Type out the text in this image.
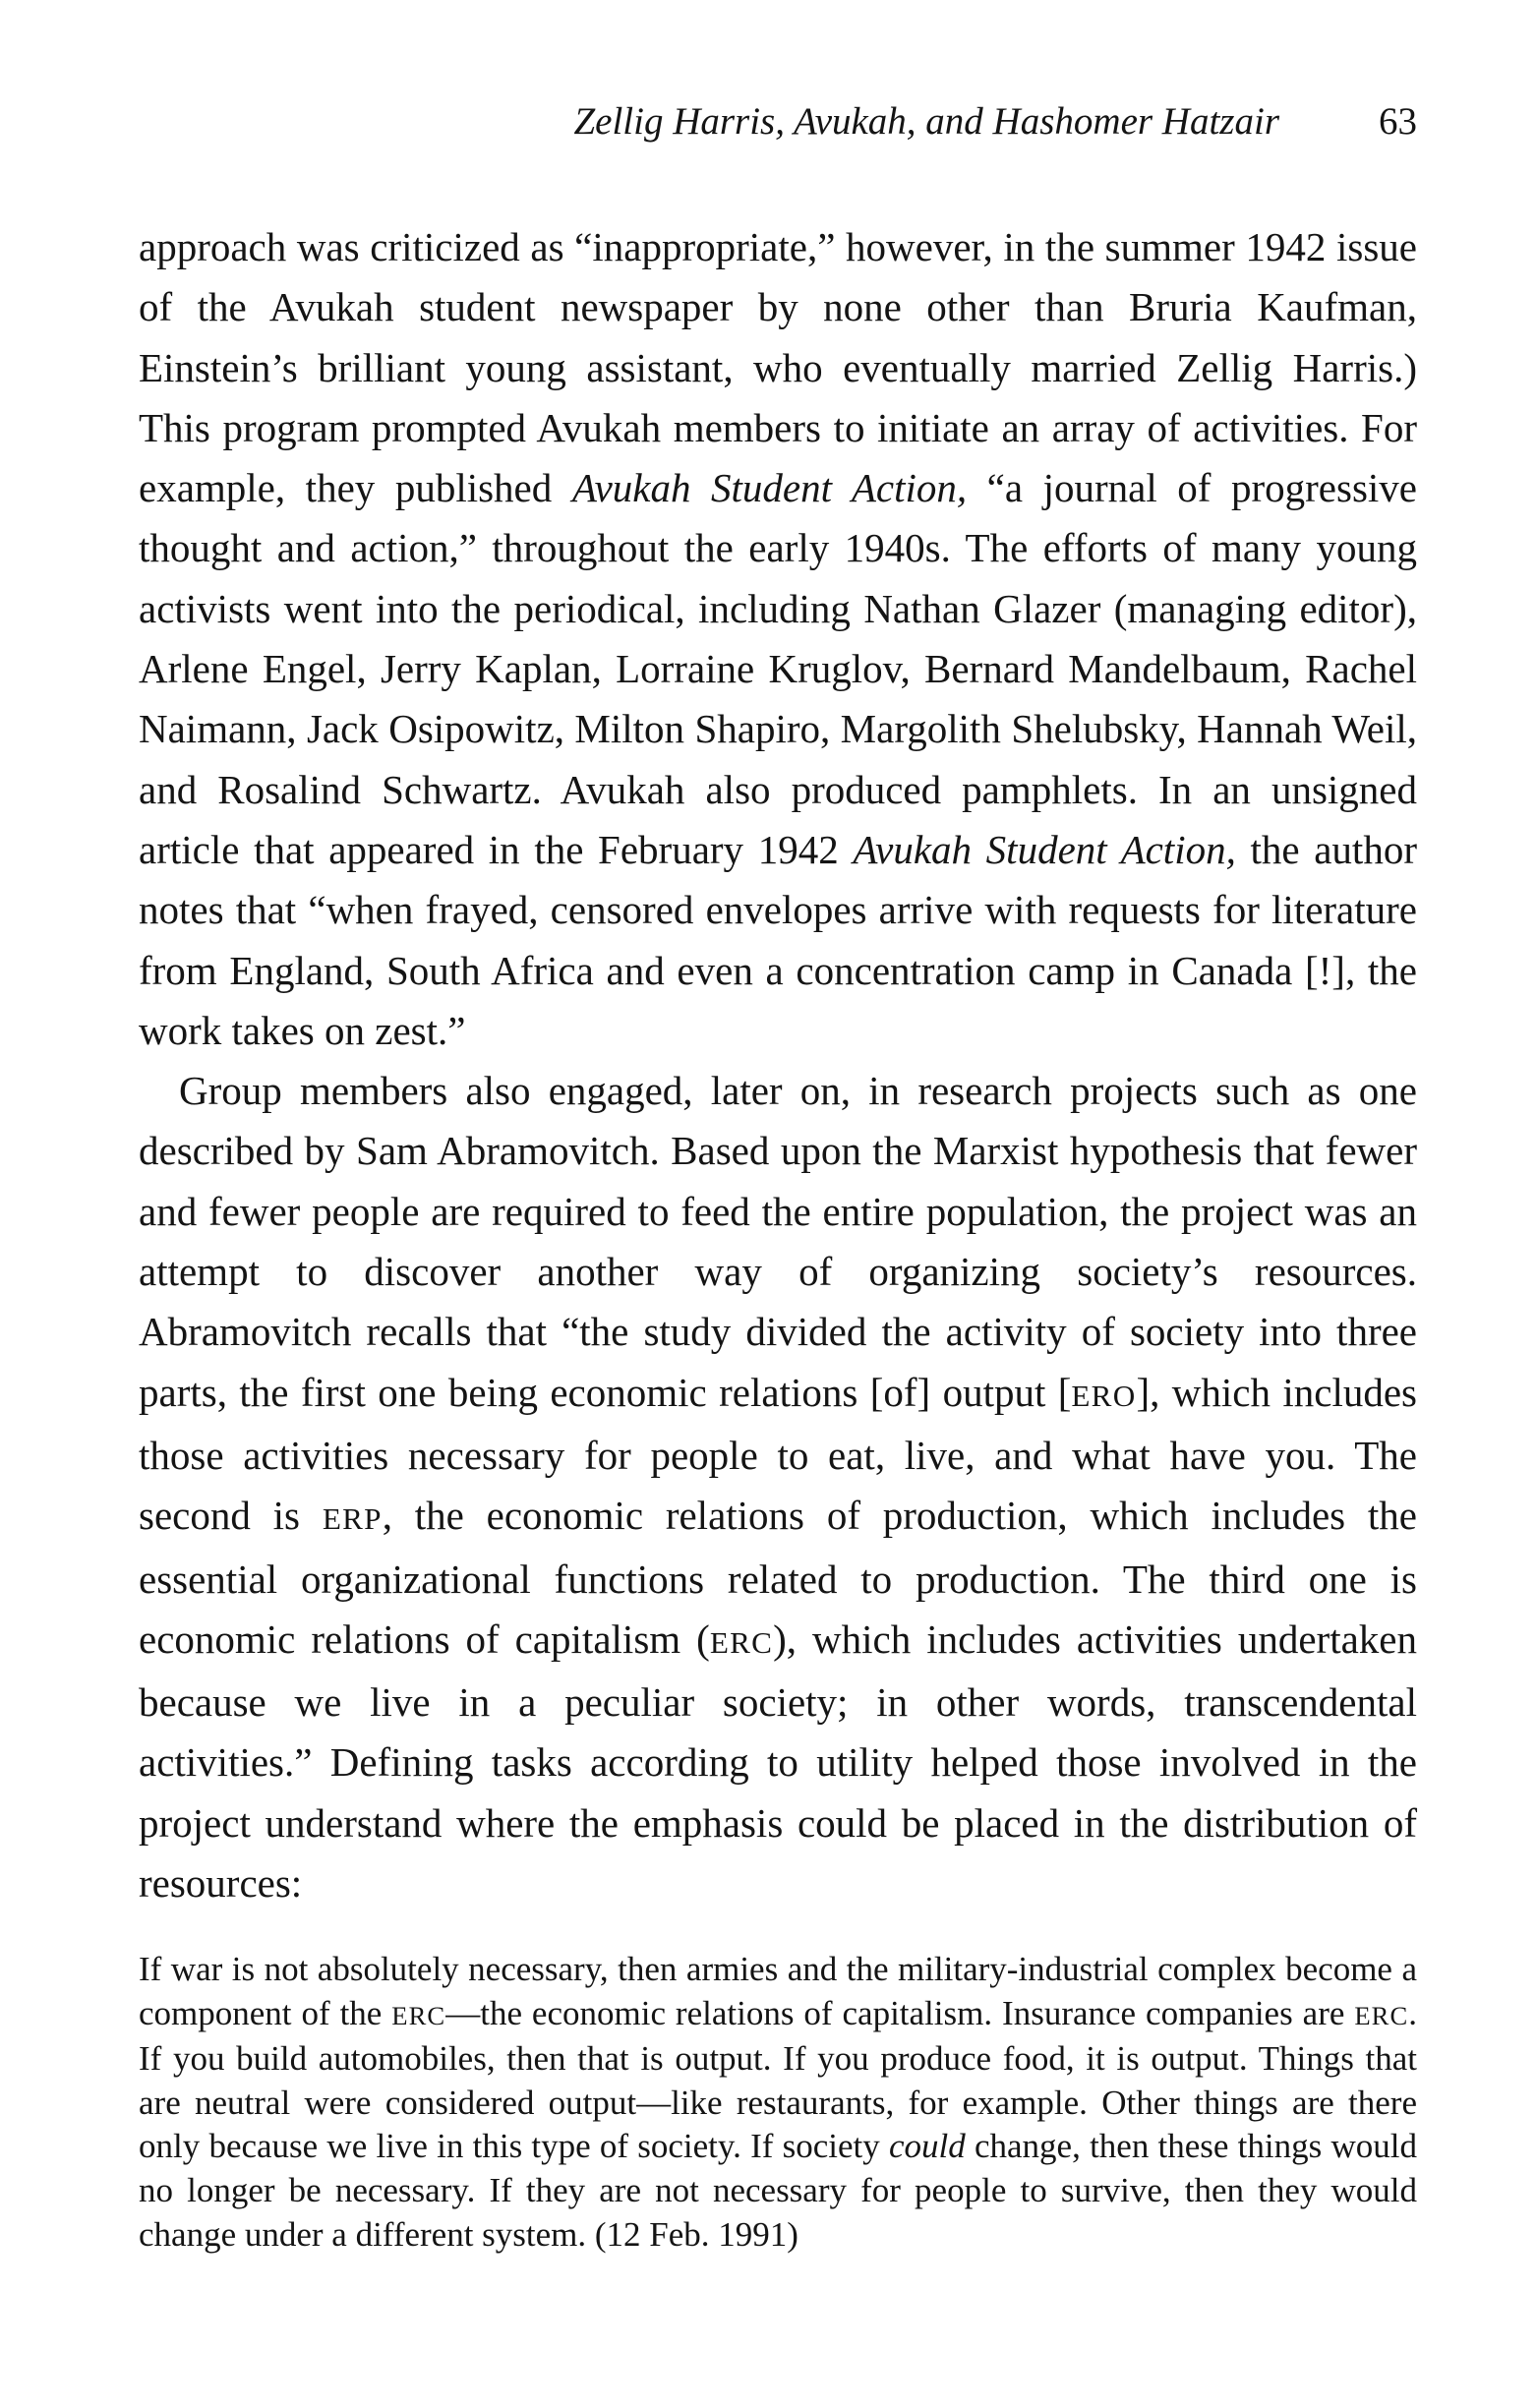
Zellig Harris, Avukah, and Hashomer Hatzair	63

approach was criticized as “inappropriate,” however, in the summer 1942 issue of the Avukah student newspaper by none other than Bruria Kaufman, Einstein’s brilliant young assistant, who eventually married Zellig Harris.) This program prompted Avukah members to initiate an array of activities. For example, they published Avukah Student Action, “a journal of progressive thought and action,” throughout the early 1940s. The efforts of many young activists went into the periodical, including Nathan Glazer (managing editor), Arlene Engel, Jerry Kaplan, Lorraine Kruglov, Bernard Mandelbaum, Rachel Naimann, Jack Osipowitz, Milton Shapiro, Margolith Shelubsky, Hannah Weil, and Rosalind Schwartz. Avukah also produced pamphlets. In an unsigned article that appeared in the February 1942 Avukah Student Action, the author notes that “when frayed, censored envelopes arrive with requests for literature from England, South Africa and even a concentration camp in Canada [!], the work takes on zest.”

Group members also engaged, later on, in research projects such as one described by Sam Abramovitch. Based upon the Marxist hypothesis that fewer and fewer people are required to feed the entire population, the project was an attempt to discover another way of organizing society’s resources. Abramovitch recalls that “the study divided the activity of society into three parts, the first one being economic relations [of] output [ERO], which includes those activities necessary for people to eat, live, and what have you. The second is ERP, the economic relations of production, which includes the essential organizational functions related to production. The third one is economic relations of capitalism (ERC), which includes activities undertaken because we live in a peculiar society; in other words, transcendental activities.” Defining tasks according to utility helped those involved in the project understand where the emphasis could be placed in the distribution of resources:

If war is not absolutely necessary, then armies and the military-industrial complex become a component of the ERC—the economic relations of capitalism. Insurance companies are ERC. If you build automobiles, then that is output. If you produce food, it is output. Things that are neutral were considered output—like restaurants, for example. Other things are there only because we live in this type of society. If society could change, then these things would no longer be necessary. If they are not necessary for people to survive, then they would change under a different system. (12 Feb. 1991)
